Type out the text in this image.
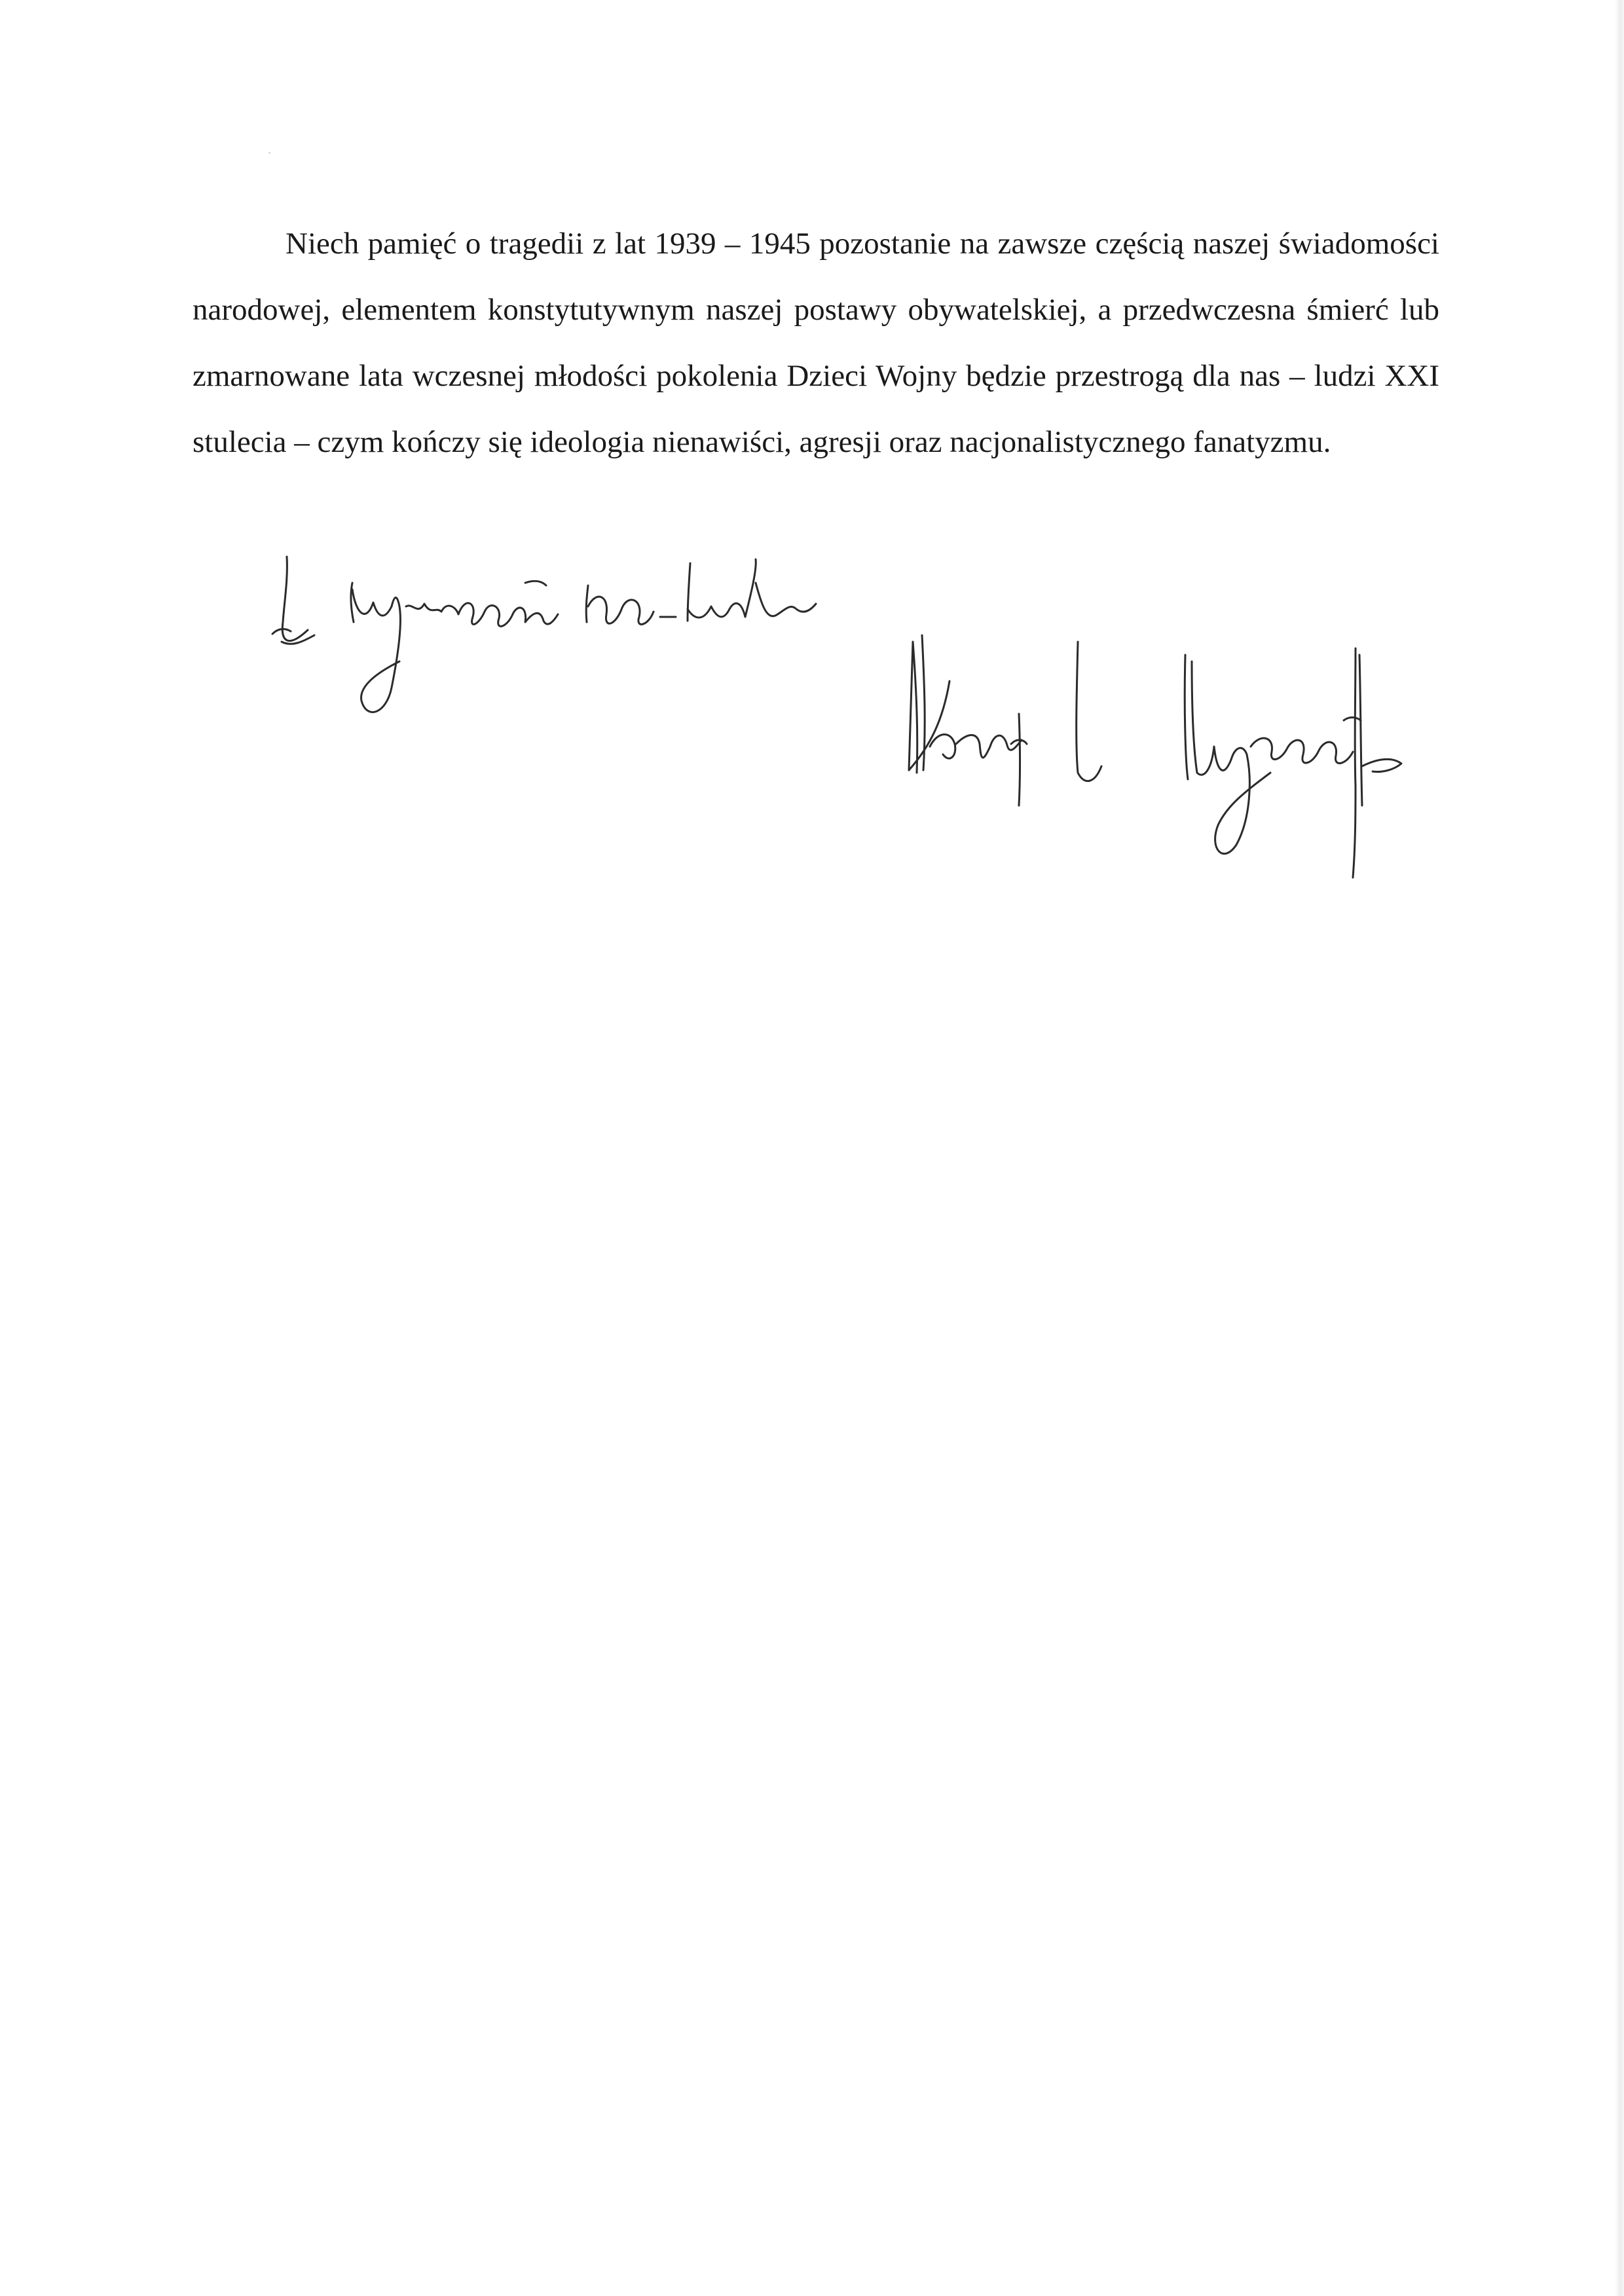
Niech pamięć o tragedii z lat 1939 – 1945 pozostanie na zawsze częścią naszej świadomości narodowej, elementem konstytutywnym naszej postawy obywatelskiej, a przedwczesna śmierć lub zmarnowane lata wczesnej młodości pokolenia Dzieci Wojny będzie przestrogą dla nas – ludzi XXI stulecia – czym kończy się ideologia nienawiści, agresji oraz nacjonalistycznego fanatyzmu.
